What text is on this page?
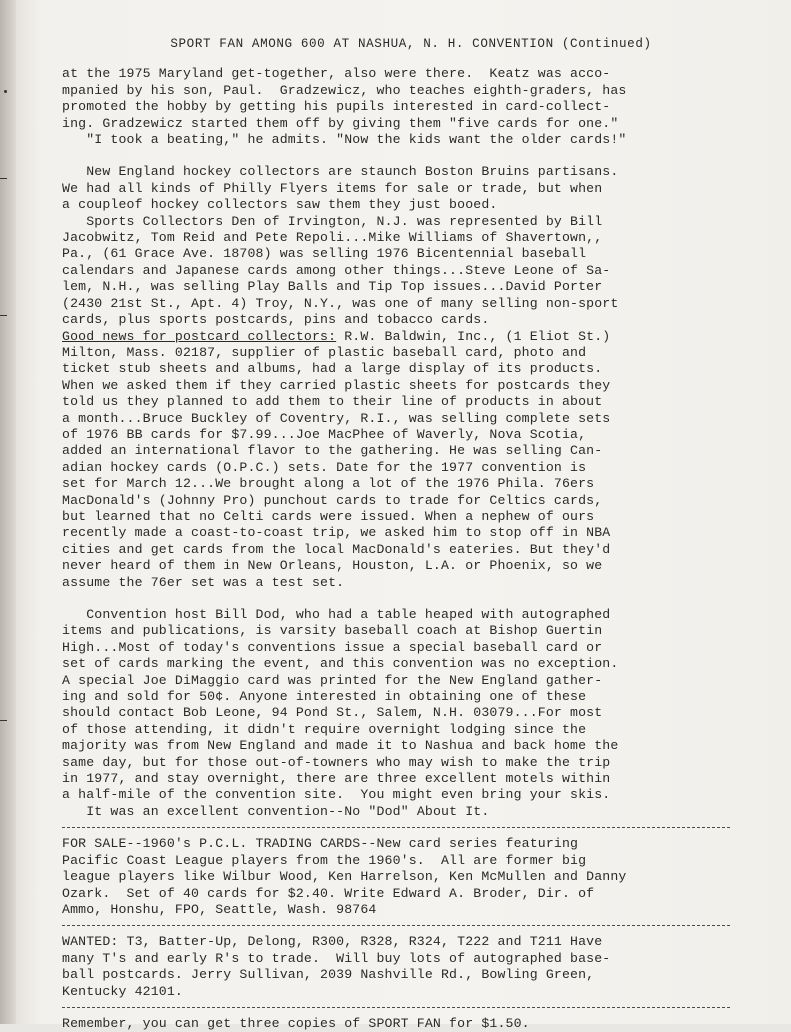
SPORT FAN AMONG 600 AT NASHUA, N. H. CONVENTION (Continued)

at the 1975 Maryland get-together, also were there.  Keatz was acco-
mpanied by his son, Paul.  Gradzewicz, who teaches eighth-graders, has
promoted the hobby by getting his pupils interested in card-collect-
ing. Gradzewicz started them off by giving them "five cards for one."
"I took a beating," he admits. "Now the kids want the older cards!"

New England hockey collectors are staunch Boston Bruins partisans.
We had all kinds of Philly Flyers items for sale or trade, but when
a coupleof hockey collectors saw them they just booed.
Sports Collectors Den of Irvington, N.J. was represented by Bill
Jacobwitz, Tom Reid and Pete Repoli...Mike Williams of Shavertown,,
Pa., (61 Grace Ave. 18708) was selling 1976 Bicentennial baseball
calendars and Japanese cards among other things...Steve Leone of Sa-
lem, N.H., was selling Play Balls and Tip Top issues...David Porter
(2430 21st St., Apt. 4) Troy, N.Y., was one of many selling non-sport
cards, plus sports postcards, pins and tobacco cards.

Good news for postcard collectors: R.W. Baldwin, Inc., (1 Eliot St.)
Milton, Mass. 02187, supplier of plastic baseball card, photo and
ticket stub sheets and albums, had a large display of its products.
When we asked them if they carried plastic sheets for postcards they
told us they planned to add them to their line of products in about
a month...Bruce Buckley of Coventry, R.I., was selling complete sets
of 1976 BB cards for $7.99...Joe MacPhee of Waverly, Nova Scotia,
added an international flavor to the gathering. He was selling Can-
adian hockey cards (O.P.C.) sets. Date for the 1977 convention is
set for March 12...We brought along a lot of the 1976 Phila. 76ers
MacDonald's (Johnny Pro) punchout cards to trade for Celtics cards,
but learned that no Celti cards were issued. When a nephew of ours
recently made a coast-to-coast trip, we asked him to stop off in NBA
cities and get cards from the local MacDonald's eateries. But they'd
never heard of them in New Orleans, Houston, L.A. or Phoenix, so we
assume the 76er set was a test set.

Convention host Bill Dod, who had a table heaped with autographed
items and publications, is varsity baseball coach at Bishop Guertin
High...Most of today's conventions issue a special baseball card or
set of cards marking the event, and this convention was no exception.
A special Joe DiMaggio card was printed for the New England gather-
ing and sold for 50¢. Anyone interested in obtaining one of these
should contact Bob Leone, 94 Pond St., Salem, N.H. 03079...For most
of those attending, it didn't require overnight lodging since the
majority was from New England and made it to Nashua and back home the
same day, but for those out-of-towners who may wish to make the trip
in 1977, and stay overnight, there are three excellent motels within
a half-mile of the convention site.  You might even bring your skis.
It was an excellent convention--No "Dod" About It.

FOR SALE--1960's P.C.L. TRADING CARDS--New card series featuring
Pacific Coast League players from the 1960's.  All are former big
league players like Wilbur Wood, Ken Harrelson, Ken McMullen and Danny
Ozark.  Set of 40 cards for $2.40. Write Edward A. Broder, Dir. of
Ammo, Honshu, FPO, Seattle, Wash. 98764

WANTED: T3, Batter-Up, Delong, R300, R328, R324, T222 and T211 Have
many T's and early R's to trade.  Will buy lots of autographed base-
ball postcards. Jerry Sullivan, 2039 Nashville Rd., Bowling Green,
Kentucky 42101.

Remember, you can get three copies of SPORT FAN for $1.50.
